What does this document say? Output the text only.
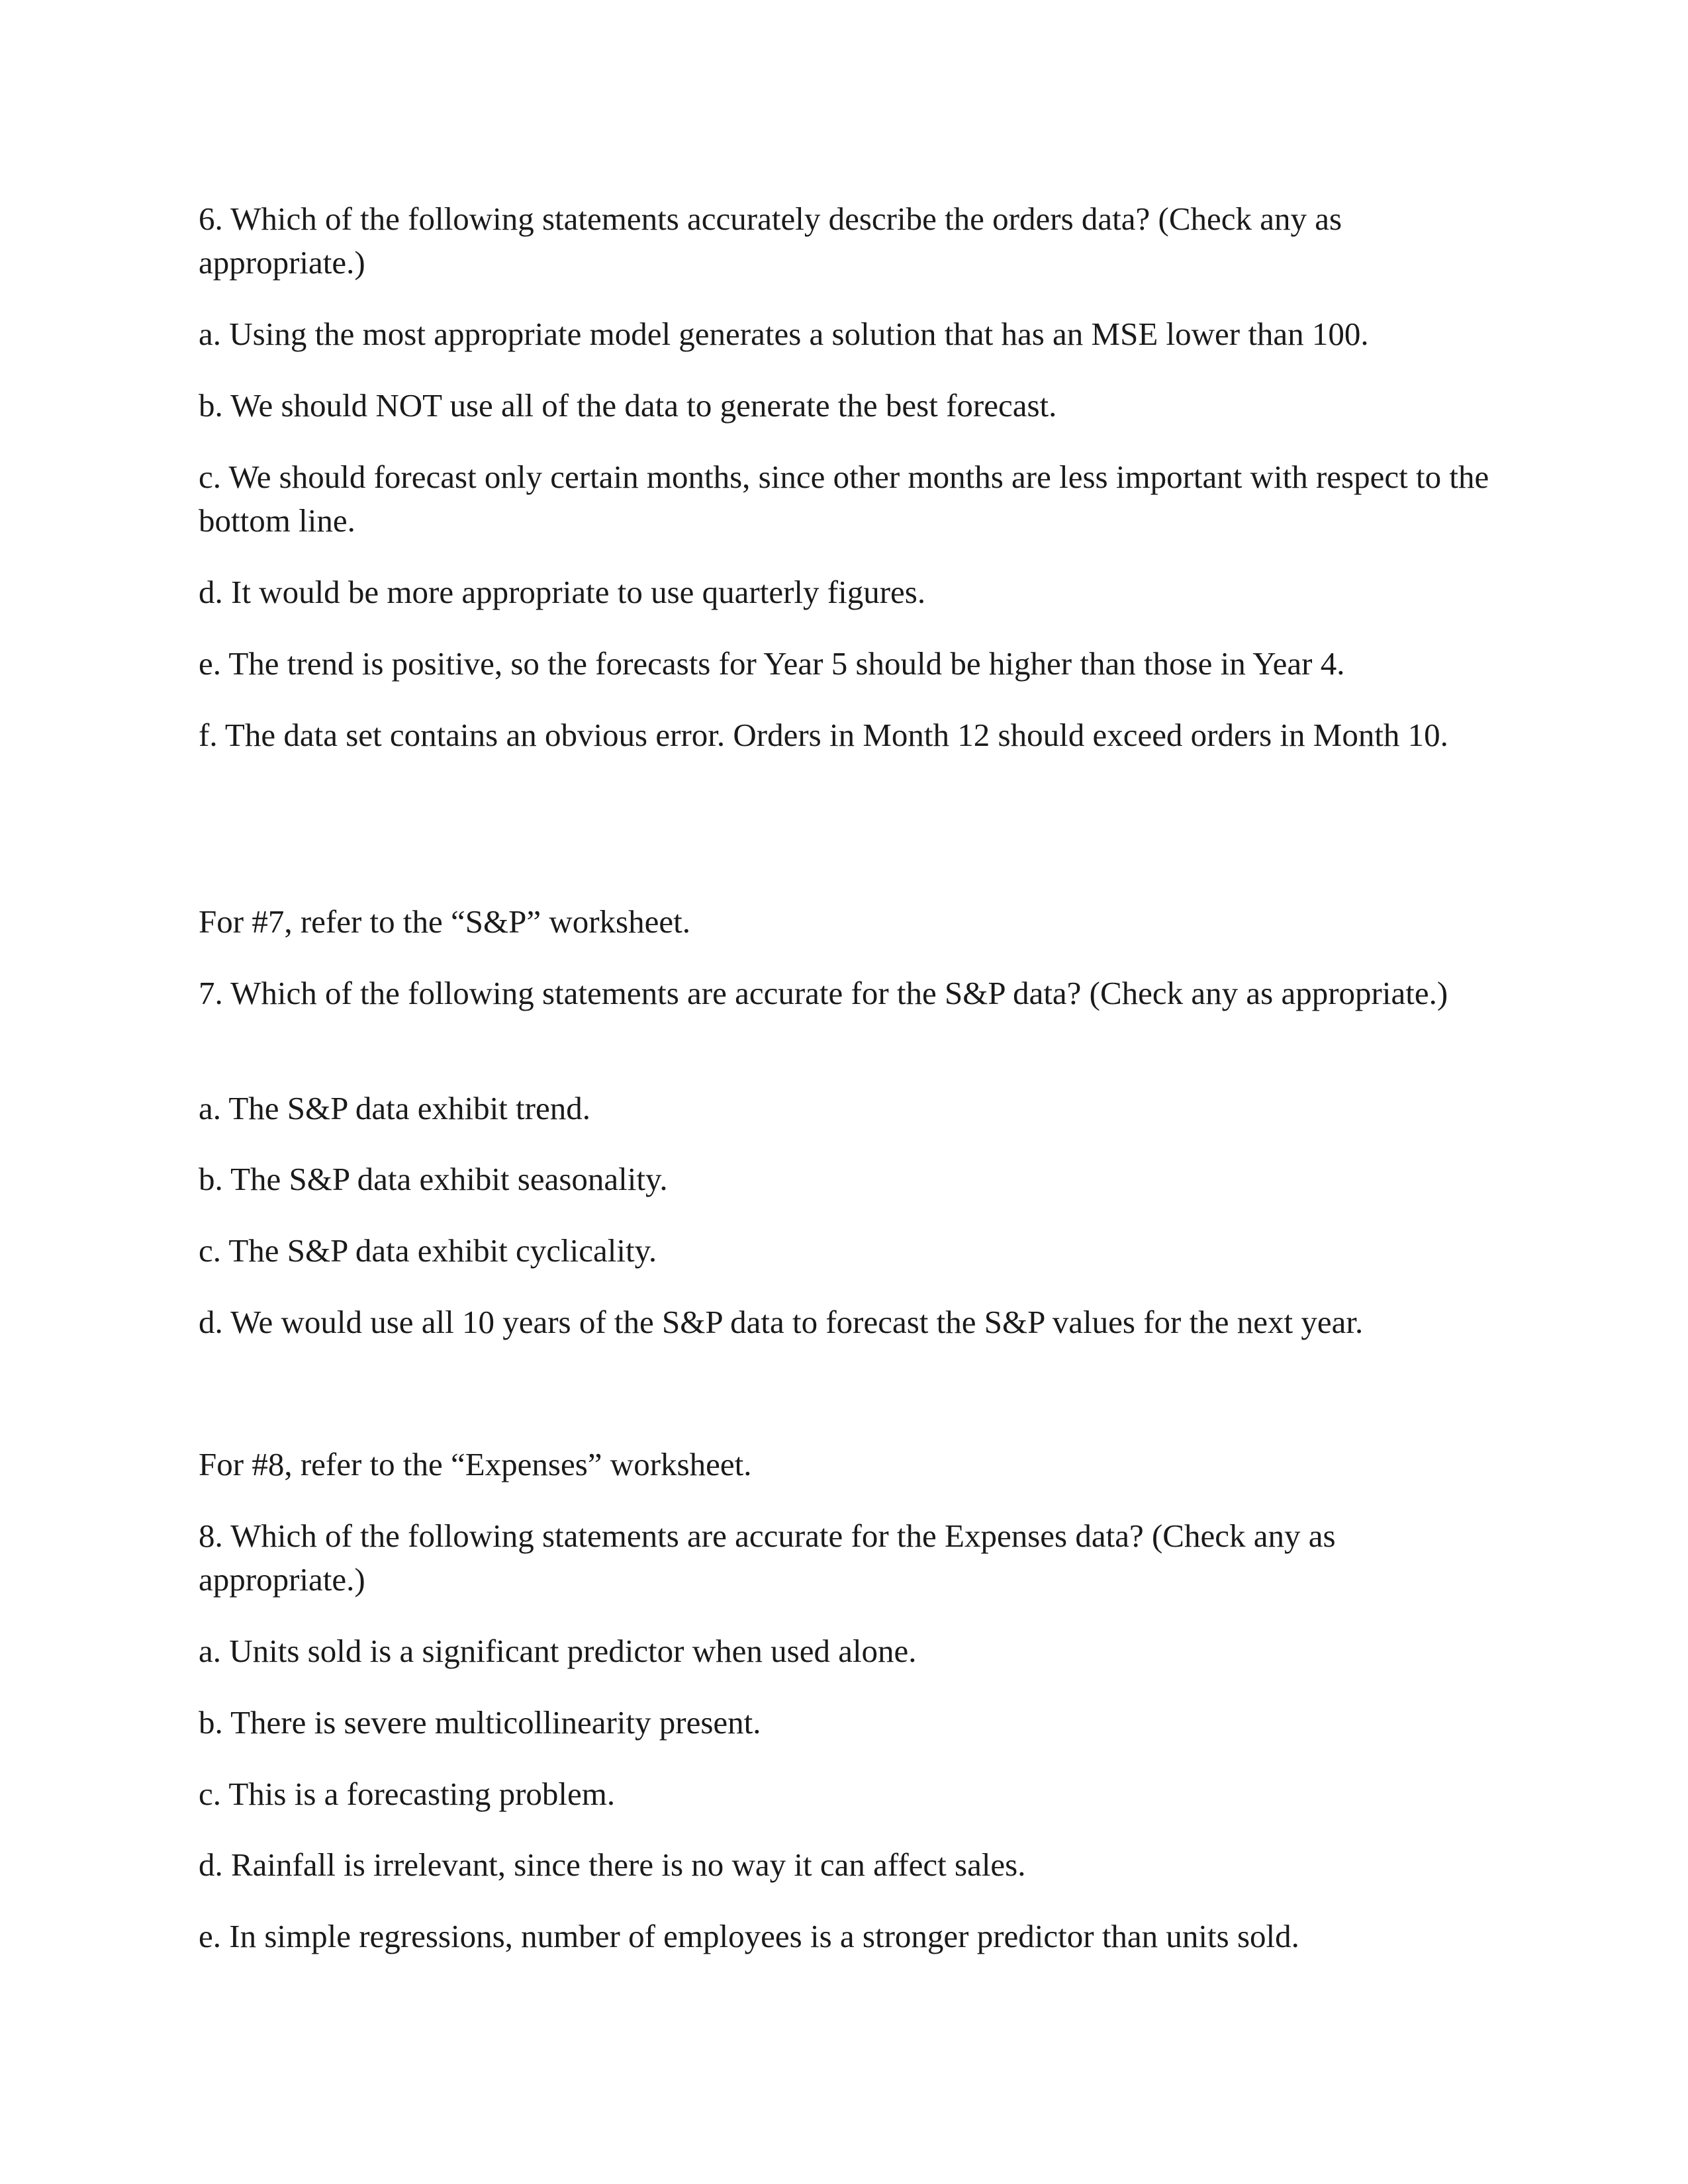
6. Which of the following statements accurately describe the orders data? (Check any as appropriate.)

a. Using the most appropriate model generates a solution that has an MSE lower than 100.

b. We should NOT use all of the data to generate the best forecast.

c. We should forecast only certain months, since other months are less important with respect to the bottom line.

d. It would be more appropriate to use quarterly figures.

e. The trend is positive, so the forecasts for Year 5 should be higher than those in Year 4.

f. The data set contains an obvious error. Orders in Month 12 should exceed orders in Month 10.

For #7, refer to the “S&P” worksheet.

7. Which of the following statements are accurate for the S&P data? (Check any as appropriate.)

a. The S&P data exhibit trend.

b. The S&P data exhibit seasonality.

c. The S&P data exhibit cyclicality.

d. We would use all 10 years of the S&P data to forecast the S&P values for the next year.

For #8, refer to the “Expenses” worksheet.

8. Which of the following statements are accurate for the Expenses data? (Check any as appropriate.)

a. Units sold is a significant predictor when used alone.

b. There is severe multicollinearity present.

c. This is a forecasting problem.

d. Rainfall is irrelevant, since there is no way it can affect sales.

e. In simple regressions, number of employees is a stronger predictor than units sold.
